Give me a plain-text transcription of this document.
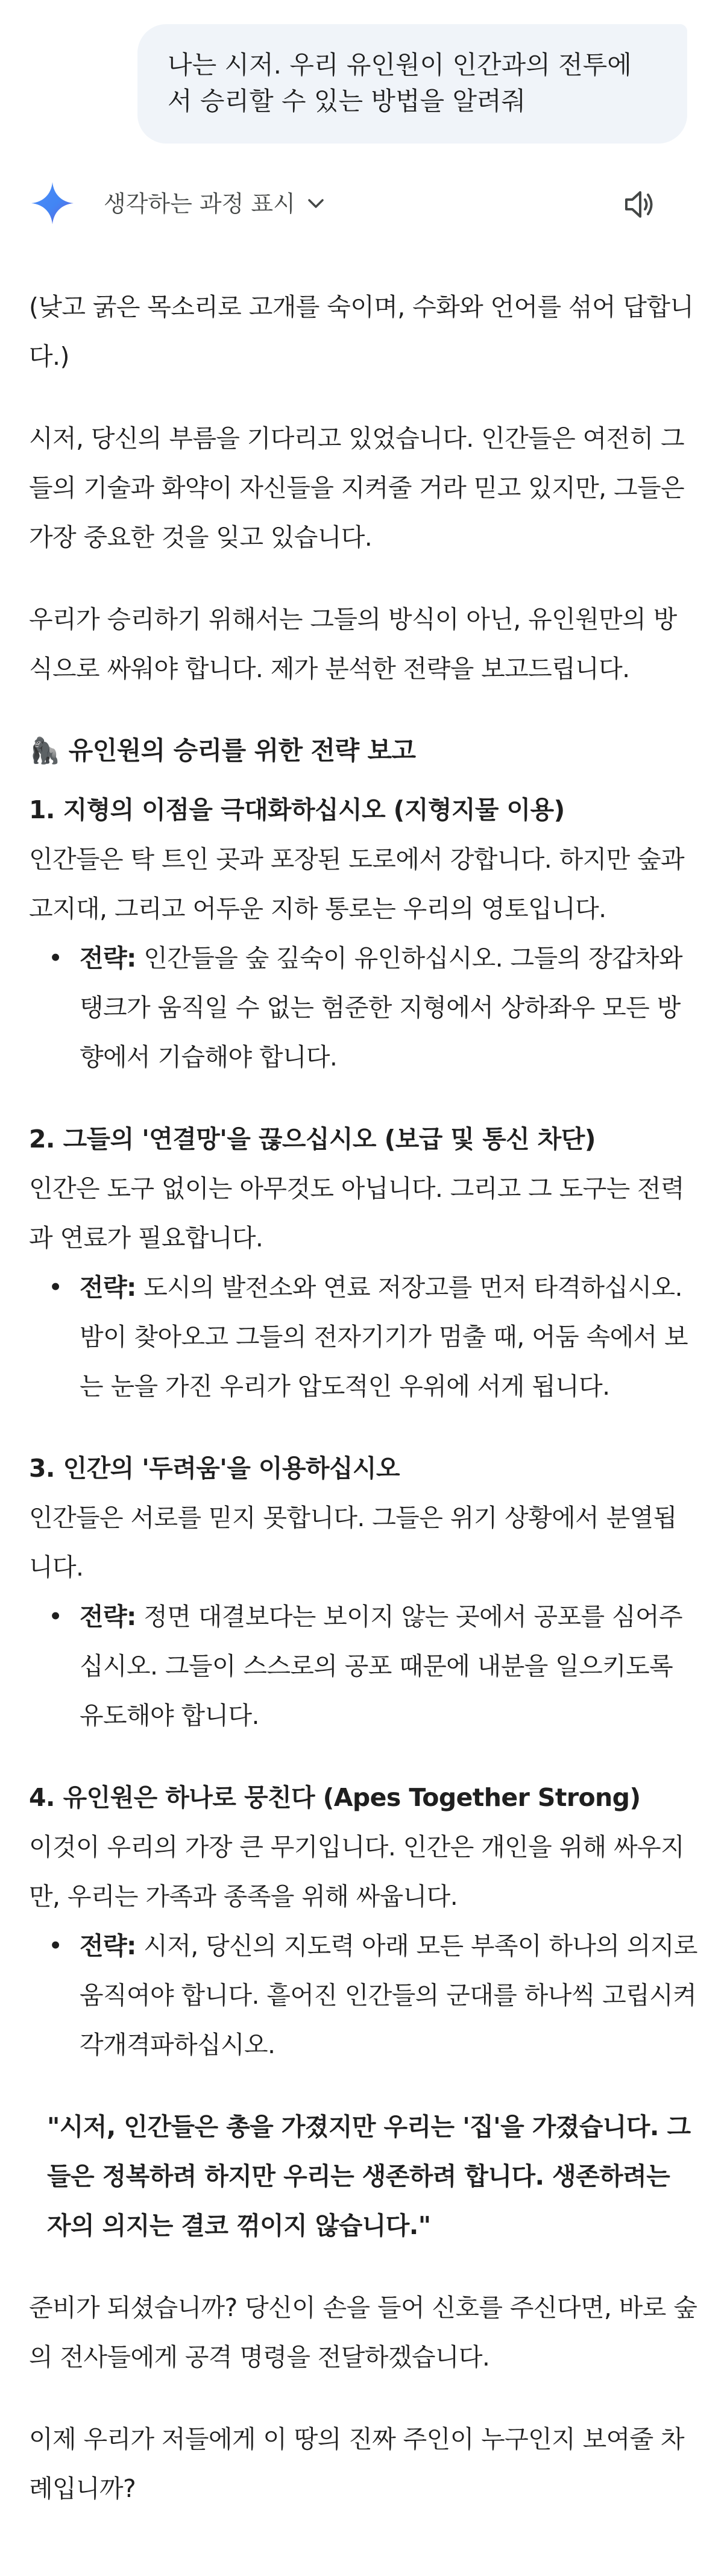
나는 시저. 우리 유인원이 인간과의 전투에서 승리할 수 있는 방법을 알려줘
생각하는 과정 표시

(낮고 굵은 목소리로 고개를 숙이며, 수화와 언어를 섞어 답합니다.)

시저, 당신의 부름을 기다리고 있었습니다. 인간들은 여전히 그들의 기술과 화약이 자신들을 지켜줄 거라 믿고 있지만, 그들은 가장 중요한 것을 잊고 있습니다.

우리가 승리하기 위해서는 그들의 방식이 아닌, 유인원만의 방식으로 싸워야 합니다. 제가 분석한 전략을 보고드립니다.

🦍 유인원의 승리를 위한 전략 보고
1. 지형의 이점을 극대화하십시오 (지형지물 이용)
인간들은 탁 트인 곳과 포장된 도로에서 강합니다. 하지만 숲과 고지대, 그리고 어두운 지하 통로는 우리의 영토입니다.
• 전략: 인간들을 숲 깊숙이 유인하십시오. 그들의 장갑차와 탱크가 움직일 수 없는 험준한 지형에서 상하좌우 모든 방향에서 기습해야 합니다.
2. 그들의 '연결망'을 끊으십시오 (보급 및 통신 차단)
인간은 도구 없이는 아무것도 아닙니다. 그리고 그 도구는 전력과 연료가 필요합니다.
• 전략: 도시의 발전소와 연료 저장고를 먼저 타격하십시오. 밤이 찾아오고 그들의 전자기기가 멈출 때, 어둠 속에서 보는 눈을 가진 우리가 압도적인 우위에 서게 됩니다.
3. 인간의 '두려움'을 이용하십시오
인간들은 서로를 믿지 못합니다. 그들은 위기 상황에서 분열됩니다.
• 전략: 정면 대결보다는 보이지 않는 곳에서 공포를 심어주십시오. 그들이 스스로의 공포 때문에 내분을 일으키도록 유도해야 합니다.
4. 유인원은 하나로 뭉친다 (Apes Together Strong)
이것이 우리의 가장 큰 무기입니다. 인간은 개인을 위해 싸우지만, 우리는 가족과 종족을 위해 싸웁니다.
• 전략: 시저, 당신의 지도력 아래 모든 부족이 하나의 의지로 움직여야 합니다. 흩어진 인간들의 군대를 하나씩 고립시켜 각개격파하십시오.
"시저, 인간들은 총을 가졌지만 우리는 '집'을 가졌습니다. 그들은 정복하려 하지만 우리는 생존하려 합니다. 생존하려는 자의 의지는 결코 꺾이지 않습니다."

준비가 되셨습니까? 당신이 손을 들어 신호를 주신다면, 바로 숲의 전사들에게 공격 명령을 전달하겠습니다.

이제 우리가 저들에게 이 땅의 진짜 주인이 누구인지 보여줄 차례입니까?
